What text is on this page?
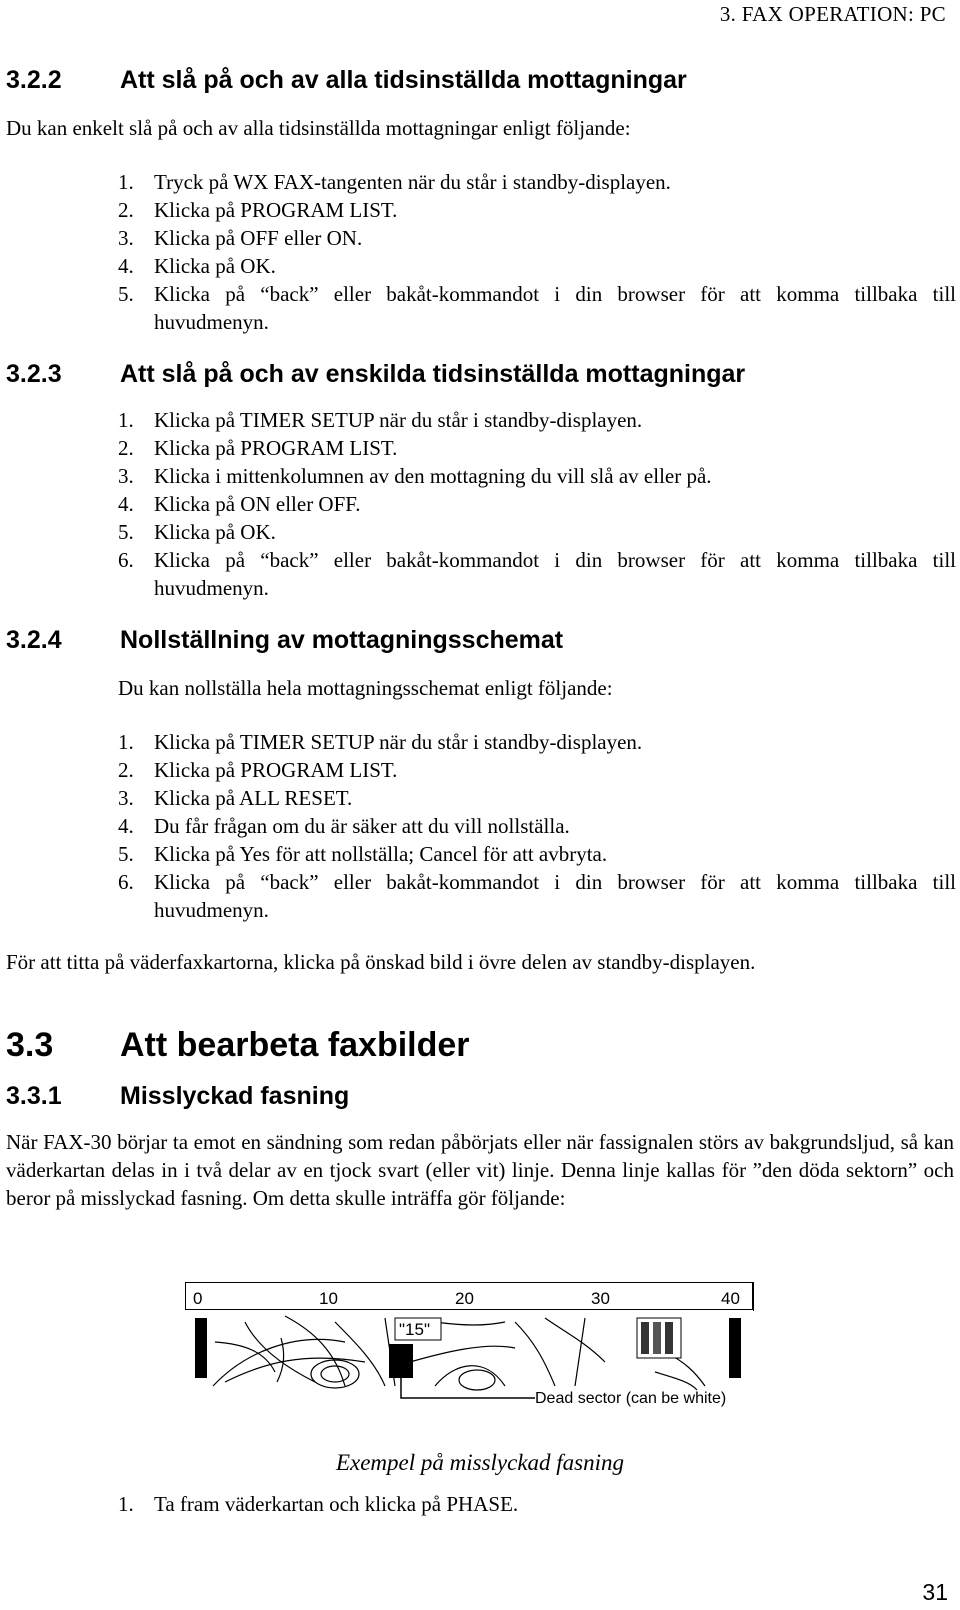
3. FAX OPERATION: PC
3.2.2 Att slå på och av alla tidsinställda mottagningar
Du kan enkelt slå på och av alla tidsinställda mottagningar enligt följande:
1. Tryck på WX FAX-tangenten när du står i standby-displayen.
2. Klicka på PROGRAM LIST.
3. Klicka på OFF eller ON.
4. Klicka på OK.
5. Klicka på “back” eller bakåt-kommandot i din browser för att komma tillbaka till huvudmenyn.
3.2.3 Att slå på och av enskilda tidsinställda mottagningar
1. Klicka på TIMER SETUP när du står i standby-displayen.
2. Klicka på PROGRAM LIST.
3. Klicka i mittenkolumnen av den mottagning du vill slå av eller på.
4. Klicka på ON eller OFF.
5. Klicka på OK.
6. Klicka på “back” eller bakåt-kommandot i din browser för att komma tillbaka till huvudmenyn.
3.2.4 Nollställning av mottagningsschemat
Du kan nollställa hela mottagningsschemat enligt följande:
1. Klicka på TIMER SETUP när du står i standby-displayen.
2. Klicka på PROGRAM LIST.
3. Klicka på ALL RESET.
4. Du får frågan om du är säker att du vill nollställa.
5. Klicka på Yes för att nollställa; Cancel för att avbryta.
6. Klicka på “back” eller bakåt-kommandot i din browser för att komma tillbaka till huvudmenyn.
För att titta på väderfaxkartorna, klicka på önskad bild i övre delen av standby-displayen.
3.3 Att bearbeta faxbilder
3.3.1 Misslyckad fasning
När FAX-30 börjar ta emot en sändning som redan påbörjats eller när fassignalen störs av bakgrundsljud, så kan väderkartan delas in i två delar av en tjock svart (eller vit) linje. Denna linje kallas för ”den döda sektorn” och beror på misslyckad fasning. Om detta skulle inträffa gör följande:
0	10	20	30	40
"15"
Dead sector (can be white)
Exempel på misslyckad fasning
1. Ta fram väderkartan och klicka på PHASE.
31
